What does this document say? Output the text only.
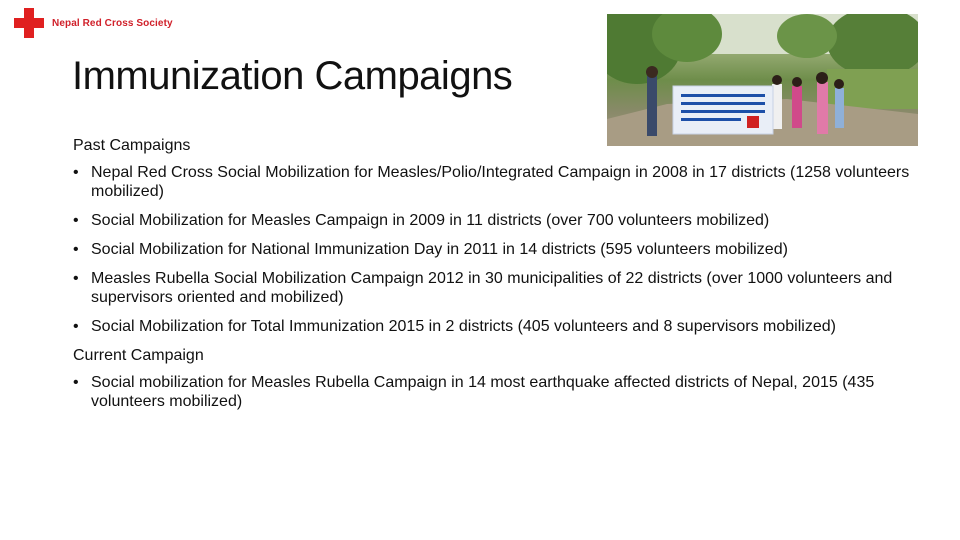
Nepal Red Cross Society
Immunization Campaigns
Past Campaigns
• Nepal Red Cross Social Mobilization for Measles/Polio/Integrated Campaign in 2008 in 17 districts (1258 volunteers mobilized)
• Social Mobilization for Measles Campaign in 2009 in 11 districts (over 700 volunteers mobilized)
• Social Mobilization for National Immunization Day in 2011 in 14 districts (595 volunteers mobilized)
• Measles Rubella Social Mobilization Campaign 2012 in 30 municipalities of 22 districts (over 1000 volunteers and supervisors oriented and mobilized)
• Social Mobilization for Total Immunization 2015 in 2 districts (405 volunteers and 8 supervisors mobilized)
Current Campaign
• Social mobilization for Measles Rubella Campaign in 14 most earthquake affected districts of Nepal, 2015 (435 volunteers mobilized)
